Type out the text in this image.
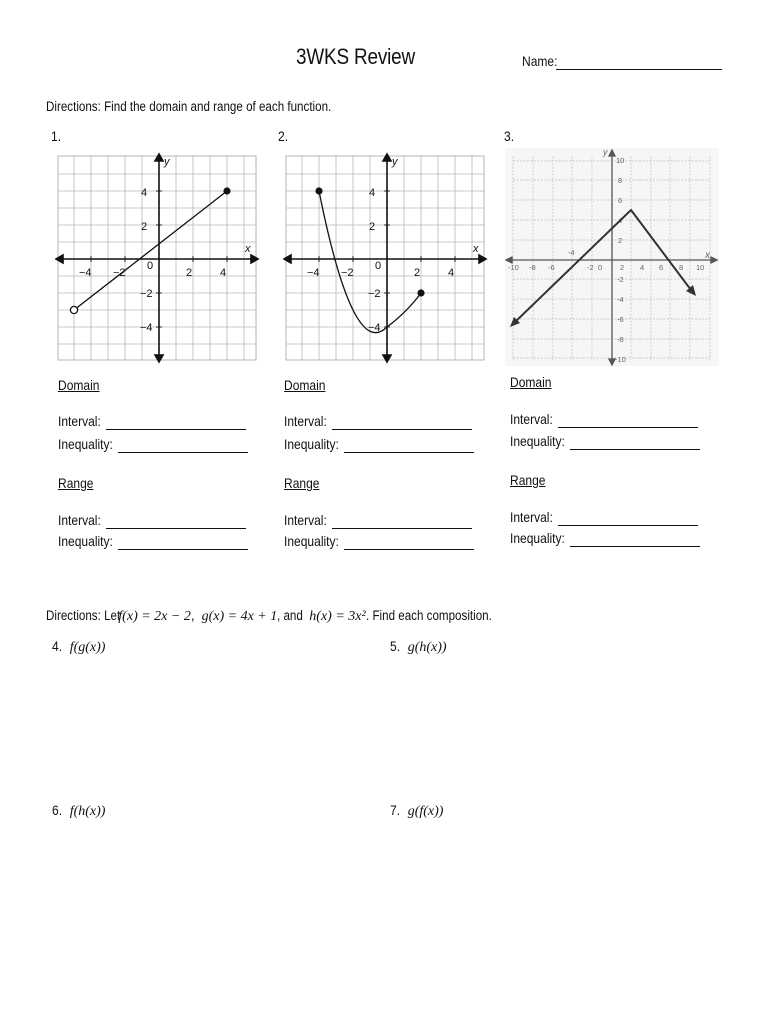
3WKS Review	Name:
Directions: Find the domain and range of each function.
1.
x
y
−4 −2	2	4
0
4
2
−2
−4
Domain
Interval:
Inequality:
Range
Interval:
Inequality:
2.
x
y
−4 −2	2	4
0
4
2
−2
−4
Domain
Interval:
Inequality:
Range
Interval:
Inequality:
3.
x
y
-10 -8 -6
-4
-2	2 4 6 8 10
0
10
8
6
4
2
-2
-4
-6
-8
-10
Domain
Interval:
Inequality:
Range
Interval:
Inequality:
Directions: Let f(x) = 2x − 2, g(x) = 4x + 1, and h(x) = 3x². Find each composition.
4. f(g(x))	5. g(h(x))
6. f(h(x))	7. g(f(x))
